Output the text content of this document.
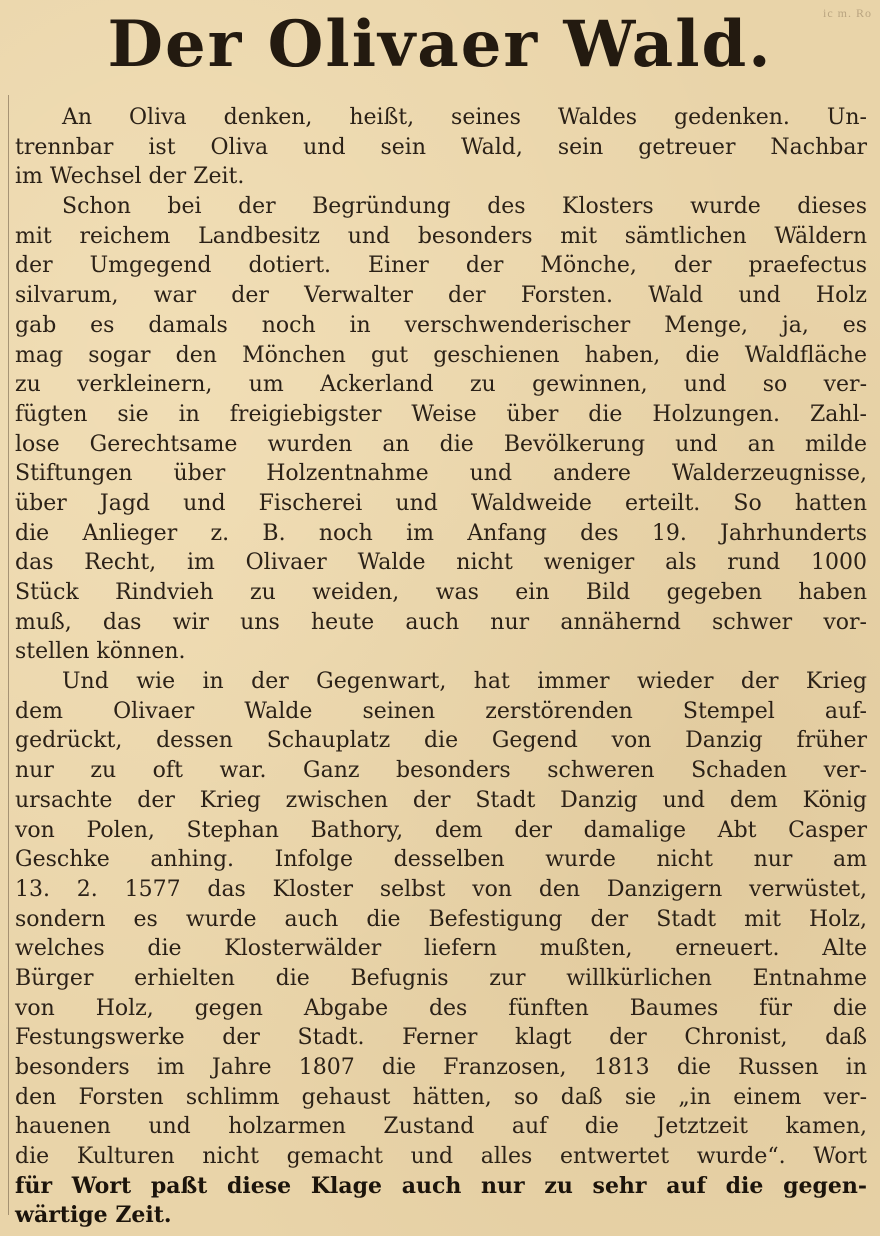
ic m. Ro
Der Olivaer Wald.
An Oliva denken, heißt, seines Waldes gedenken. Un-
trennbar ist Oliva und sein Wald, sein getreuer Nachbar
im Wechsel der Zeit.
Schon bei der Begründung des Klosters wurde dieses
mit reichem Landbesitz und besonders mit sämtlichen Wäldern
der Umgegend dotiert. Einer der Mönche, der praefectus
silvarum, war der Verwalter der Forsten. Wald und Holz
gab es damals noch in verschwenderischer Menge, ja, es
mag sogar den Mönchen gut geschienen haben, die Waldfläche
zu verkleinern, um Ackerland zu gewinnen, und so ver-
fügten sie in freigiebigster Weise über die Holzungen. Zahl-
lose Gerechtsame wurden an die Bevölkerung und an milde
Stiftungen über Holzentnahme und andere Walderzeugnisse,
über Jagd und Fischerei und Waldweide erteilt. So hatten
die Anlieger z. B. noch im Anfang des 19. Jahrhunderts
das Recht, im Olivaer Walde nicht weniger als rund 1000
Stück Rindvieh zu weiden, was ein Bild gegeben haben
muß, das wir uns heute auch nur annähernd schwer vor-
stellen können.
Und wie in der Gegenwart, hat immer wieder der Krieg
dem Olivaer Walde seinen zerstörenden Stempel auf-
gedrückt, dessen Schauplatz die Gegend von Danzig früher
nur zu oft war. Ganz besonders schweren Schaden ver-
ursachte der Krieg zwischen der Stadt Danzig und dem König
von Polen, Stephan Bathory, dem der damalige Abt Casper
Geschke anhing. Infolge desselben wurde nicht nur am
13. 2. 1577 das Kloster selbst von den Danzigern verwüstet,
sondern es wurde auch die Befestigung der Stadt mit Holz,
welches die Klosterwälder liefern mußten, erneuert. Alte
Bürger erhielten die Befugnis zur willkürlichen Entnahme
von Holz, gegen Abgabe des fünften Baumes für die
Festungswerke der Stadt. Ferner klagt der Chronist, daß
besonders im Jahre 1807 die Franzosen, 1813 die Russen in
den Forsten schlimm gehaust hätten, so daß sie „in einem ver-
hauenen und holzarmen Zustand auf die Jetztzeit kamen,
die Kulturen nicht gemacht und alles entwertet wurde“. Wort
für Wort paßt diese Klage auch nur zu sehr auf die gegen-
wärtige Zeit.
